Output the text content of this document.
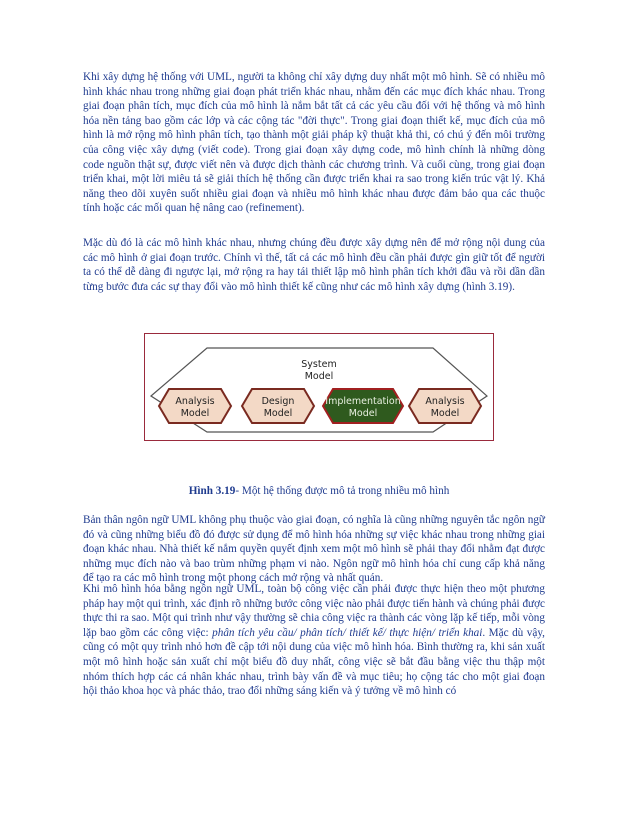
Khi xây dựng hệ thống với UML, người ta không chỉ xây dựng duy nhất một mô hình. Sẽ có nhiều mô hình khác nhau trong những giai đoạn phát triển khác nhau, nhằm đến các mục đích khác nhau. Trong giai đoạn phân tích, mục đích của mô hình là nắm bắt tất cả các yêu cầu đối với hệ thống và mô hình hóa nền tảng bao gồm các lớp và các cộng tác "đời thực". Trong giai đoạn thiết kế, mục đích của mô hình là mở rộng mô hình phân tích, tạo thành một giải pháp kỹ thuật khả thi, có chú ý đến môi trường của công việc xây dựng (viết code). Trong giai đoạn xây dựng code, mô hình chính là những dòng code nguồn thật sự, được viết nên và được dịch thành các chương trình. Và cuối cùng, trong giai đoạn triển khai, một lời miêu tả sẽ giải thích hệ thống cần được triển khai ra sao trong kiến trúc vật lý. Khả năng theo dõi xuyên suốt nhiều giai đoạn và nhiều mô hình khác nhau được đảm bảo qua các thuộc tính hoặc các mối quan hệ nâng cao (refinement).

Mặc dù đó là các mô hình khác nhau, nhưng chúng đều được xây dựng nên để mở rộng nội dung của các mô hình ở giai đoạn trước. Chính vì thế, tất cả các mô hình đều cần phải được gìn giữ tốt để người ta có thể dễ dàng đi ngược lại, mở rộng ra hay tái thiết lập mô hình phân tích khởi đầu và rồi dần dần từng bước đưa các sự thay đổi vào mô hình thiết kế cũng như các mô hình xây dựng (hình 3.19).

System
Model
Analysis
Model
Design
Model
Implementation
Model
Analysis
Model
Hình 3.19- Một hệ thống được mô tả trong nhiều mô hình

Bản thân ngôn ngữ UML không phụ thuộc vào giai đoạn, có nghĩa là cũng những nguyên tắc ngôn ngữ đó và cũng những biểu đồ đó được sử dụng để mô hình hóa những sự việc khác nhau trong những giai đoạn khác nhau. Nhà thiết kế nắm quyền quyết định xem một mô hình sẽ phải thay đổi nhằm đạt được những mục đích nào và bao trùm những phạm vi nào. Ngôn ngữ mô hình hóa chỉ cung cấp khả năng để tạo ra các mô hình trong một phong cách mở rộng và nhất quán.

Khi mô hình hóa bằng ngôn ngữ UML, toàn bộ công việc cần phải được thực hiện theo một phương pháp hay một qui trình, xác định rõ những bước công việc nào phải được tiến hành và chúng phải được thực thi ra sao. Một qui trình như vậy thường sẽ chia công việc ra thành các vòng lặp kế tiếp, mỗi vòng lặp bao gồm các công việc: phân tích yêu cầu/ phân tích/ thiết kế/ thực hiện/ triển khai. Mặc dù vậy, cũng có một quy trình nhỏ hơn đề cập tới nội dung của việc mô hình hóa. Bình thường ra, khi sản xuất một mô hình hoặc sản xuất chỉ một biểu đồ duy nhất, công việc sẽ bắt đầu bằng việc thu thập một nhóm thích hợp các cá nhân khác nhau, trình bày vấn đề và mục tiêu; họ cộng tác cho một giai đoạn hội thảo khoa học và phác thảo, trao đổi những sáng kiến và ý tưởng về mô hình có
